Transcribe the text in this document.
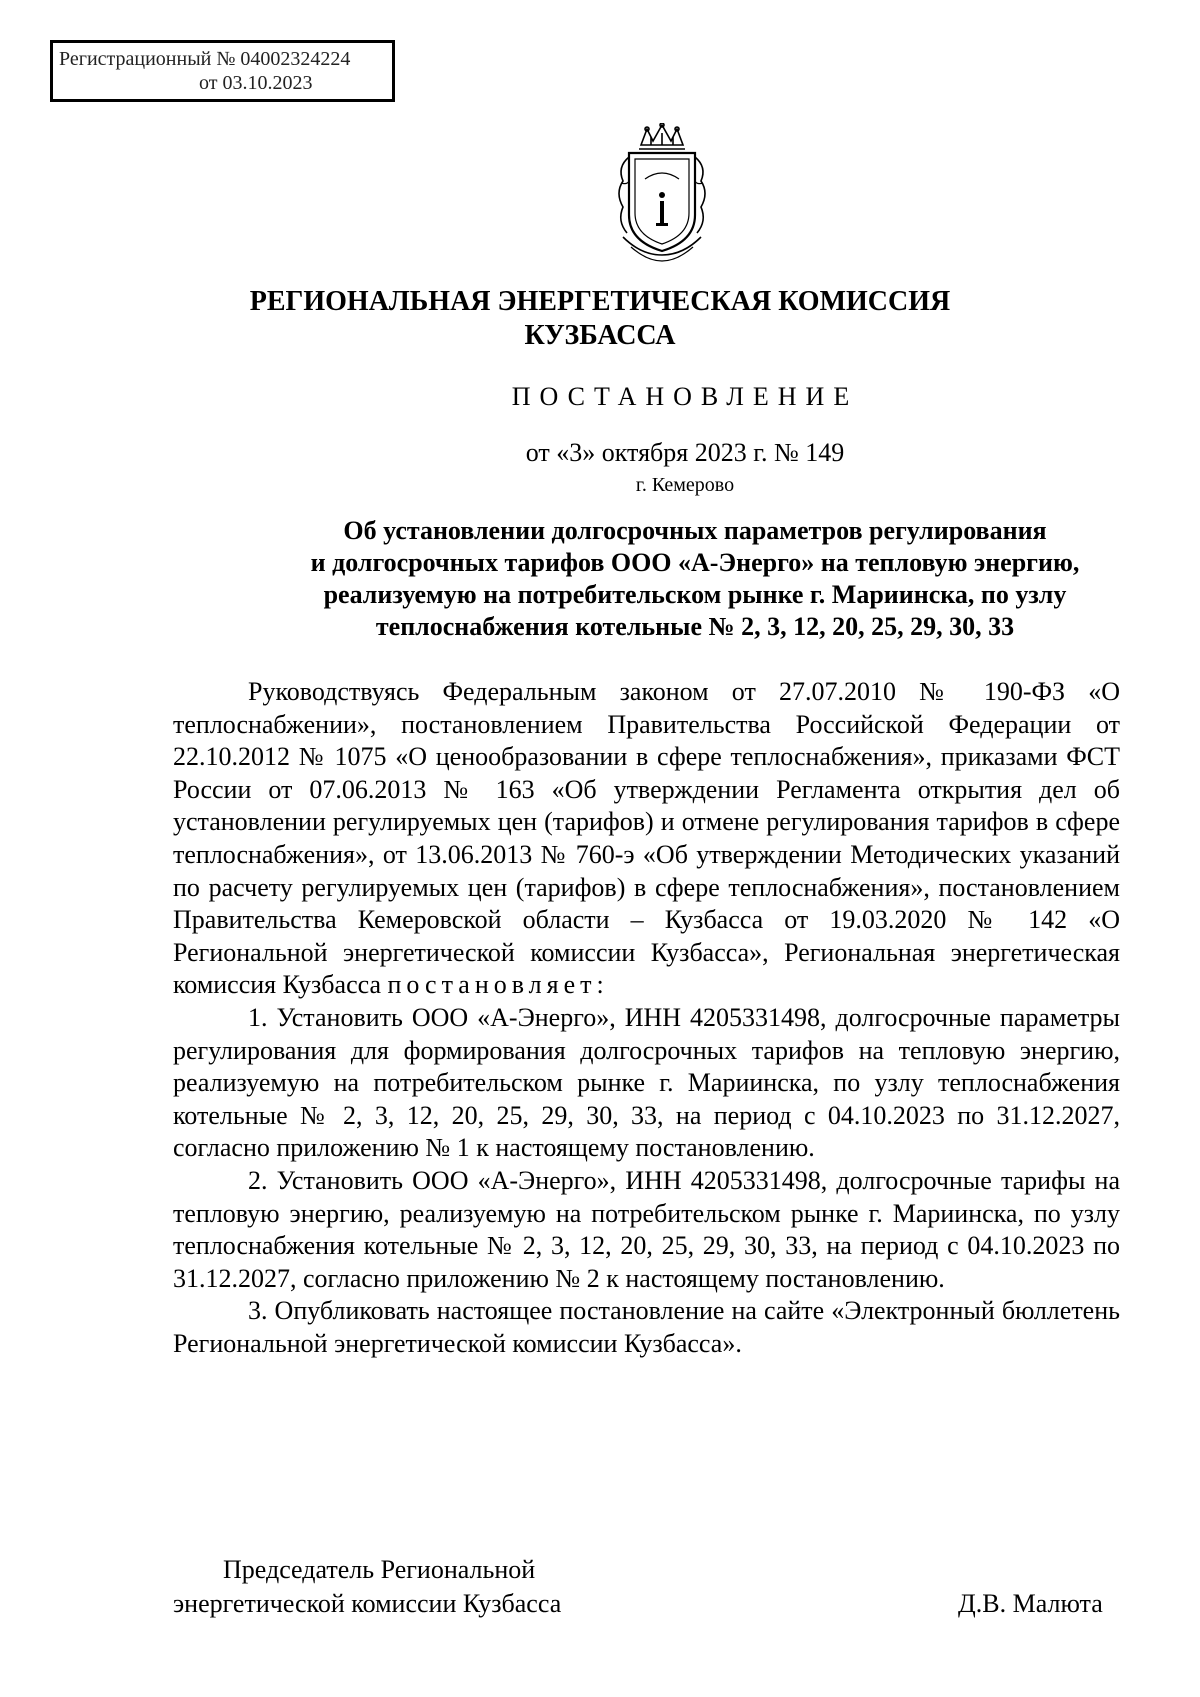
Регистрационный № 04002324224
от 03.10.2023
РЕГИОНАЛЬНАЯ ЭНЕРГЕТИЧЕСКАЯ КОМИССИЯ
КУЗБАССА
ПОСТАНОВЛЕНИЕ
от «3» октября 2023 г. № 149
г. Кемерово
Об установлении долгосрочных параметров регулирования
и долгосрочных тарифов ООО «А-Энерго» на тепловую энергию,
реализуемую на потребительском рынке г. Мариинска, по узлу
теплоснабжения котельные № 2, 3, 12, 20, 25, 29, 30, 33

Руководствуясь Федеральным законом от 27.07.2010 № 190-ФЗ «О теплоснабжении», постановлением Правительства Российской Федерации от 22.10.2012 № 1075 «О ценообразовании в сфере теплоснабжения», приказами ФСТ России от 07.06.2013 № 163 «Об утверждении Регламента открытия дел об установлении регулируемых цен (тарифов) и отмене регулирования тарифов в сфере теплоснабжения», от 13.06.2013 № 760-э «Об утверждении Методических указаний по расчету регулируемых цен (тарифов) в сфере теплоснабжения», постановлением Правительства Кемеровской области – Кузбасса от 19.03.2020 № 142 «О Региональной энергетической комиссии Кузбасса», Региональная энергетическая комиссия Кузбасса постановляет:

1. Установить ООО «А-Энерго», ИНН 4205331498, долгосрочные параметры регулирования для формирования долгосрочных тарифов на тепловую энергию, реализуемую на потребительском рынке г. Мариинска, по узлу теплоснабжения котельные № 2, 3, 12, 20, 25, 29, 30, 33, на период с 04.10.2023 по 31.12.2027, согласно приложению № 1 к настоящему постановлению.

2. Установить ООО «А-Энерго», ИНН 4205331498, долгосрочные тарифы на тепловую энергию, реализуемую на потребительском рынке г. Мариинска, по узлу теплоснабжения котельные № 2, 3, 12, 20, 25, 29, 30, 33, на период с 04.10.2023 по 31.12.2027, согласно приложению № 2 к настоящему постановлению.

3. Опубликовать настоящее постановление на сайте «Электронный бюллетень Региональной энергетической комиссии Кузбасса».

Председатель Региональной
энергетической комиссии Кузбасса	Д.В. Малюта
